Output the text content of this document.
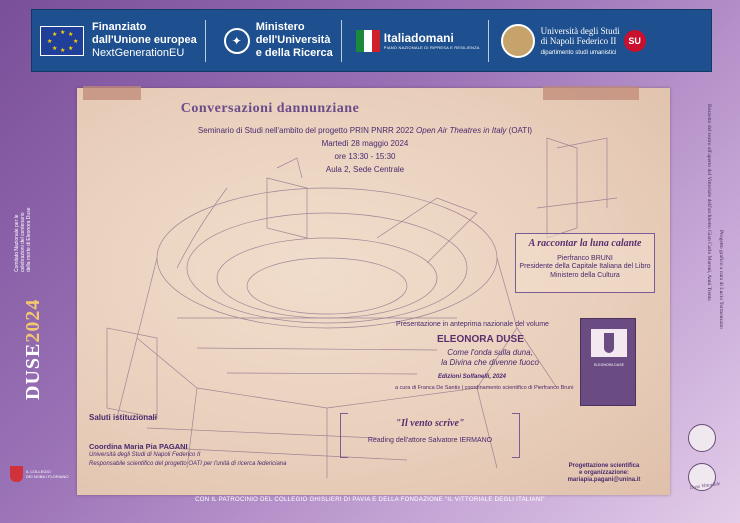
★ ★
★
★
★
★
★
★
Finanziato
dall'Unione europea
NextGenerationEU
✦
Ministero
dell'Università
e della Ricerca
Italiadomani
PIANO NAZIONALE DI RIPRESA E RESILIENZA
Università degli Studi
di Napoli Federico II
dipartimento studi umanistici
SU
Comitato Nazionale per le celebrazioni del centenario della morte di Eleonora Duse
DUSE2024
IL COLLEGIO
DEI NOBILI FLORIANO
Bozzetto del teatro all'aperto del Vittoriale dell'architetto Gian Carlo Maroni, Anni Trenta Progetto grafico a cura di Lucio Tormenzano
Conversazioni dannunziane
Seminario di Studi nell'ambito del progetto PRIN PNRR 2022 Open Air Theatres in Italy (OATI)
Martedì 28 maggio 2024
ore 13:30 - 15:30
Aula 2, Sede Centrale
A raccontar la luna calante
Pierfranco BRUNI
Presidente della Capitale Italiana del Libro
Ministero della Cultura
Presentazione in anteprima nazionale del volume
ELEONORA DUSE
Come l'onda sulla duna,
la Divina che divenne fuoco
Edizioni Solfanelli, 2024
a cura di Franca De Santis | coordinamento scientifico di Pierfranco Bruni
ELEONORA DUSE
Saluti istituzionali
Coordina Maria Pia PAGANI
Università degli Studi di Napoli Federico II
Responsabile scientifico del progetto OATI per l'unità di ricerca federiciana
"Il vento scrive"
Reading dell'attore Salvatore IERMANO
Progettazione scientifica
e organizzazione:
mariapia.pagani@unina.it
CON IL PATROCINIO DEL COLLEGIO GHISLIERI DI PAVIA E DELLA FONDAZIONE "IL VITTORIALE DEGLI ITALIANI"
Duse Vittoriale
